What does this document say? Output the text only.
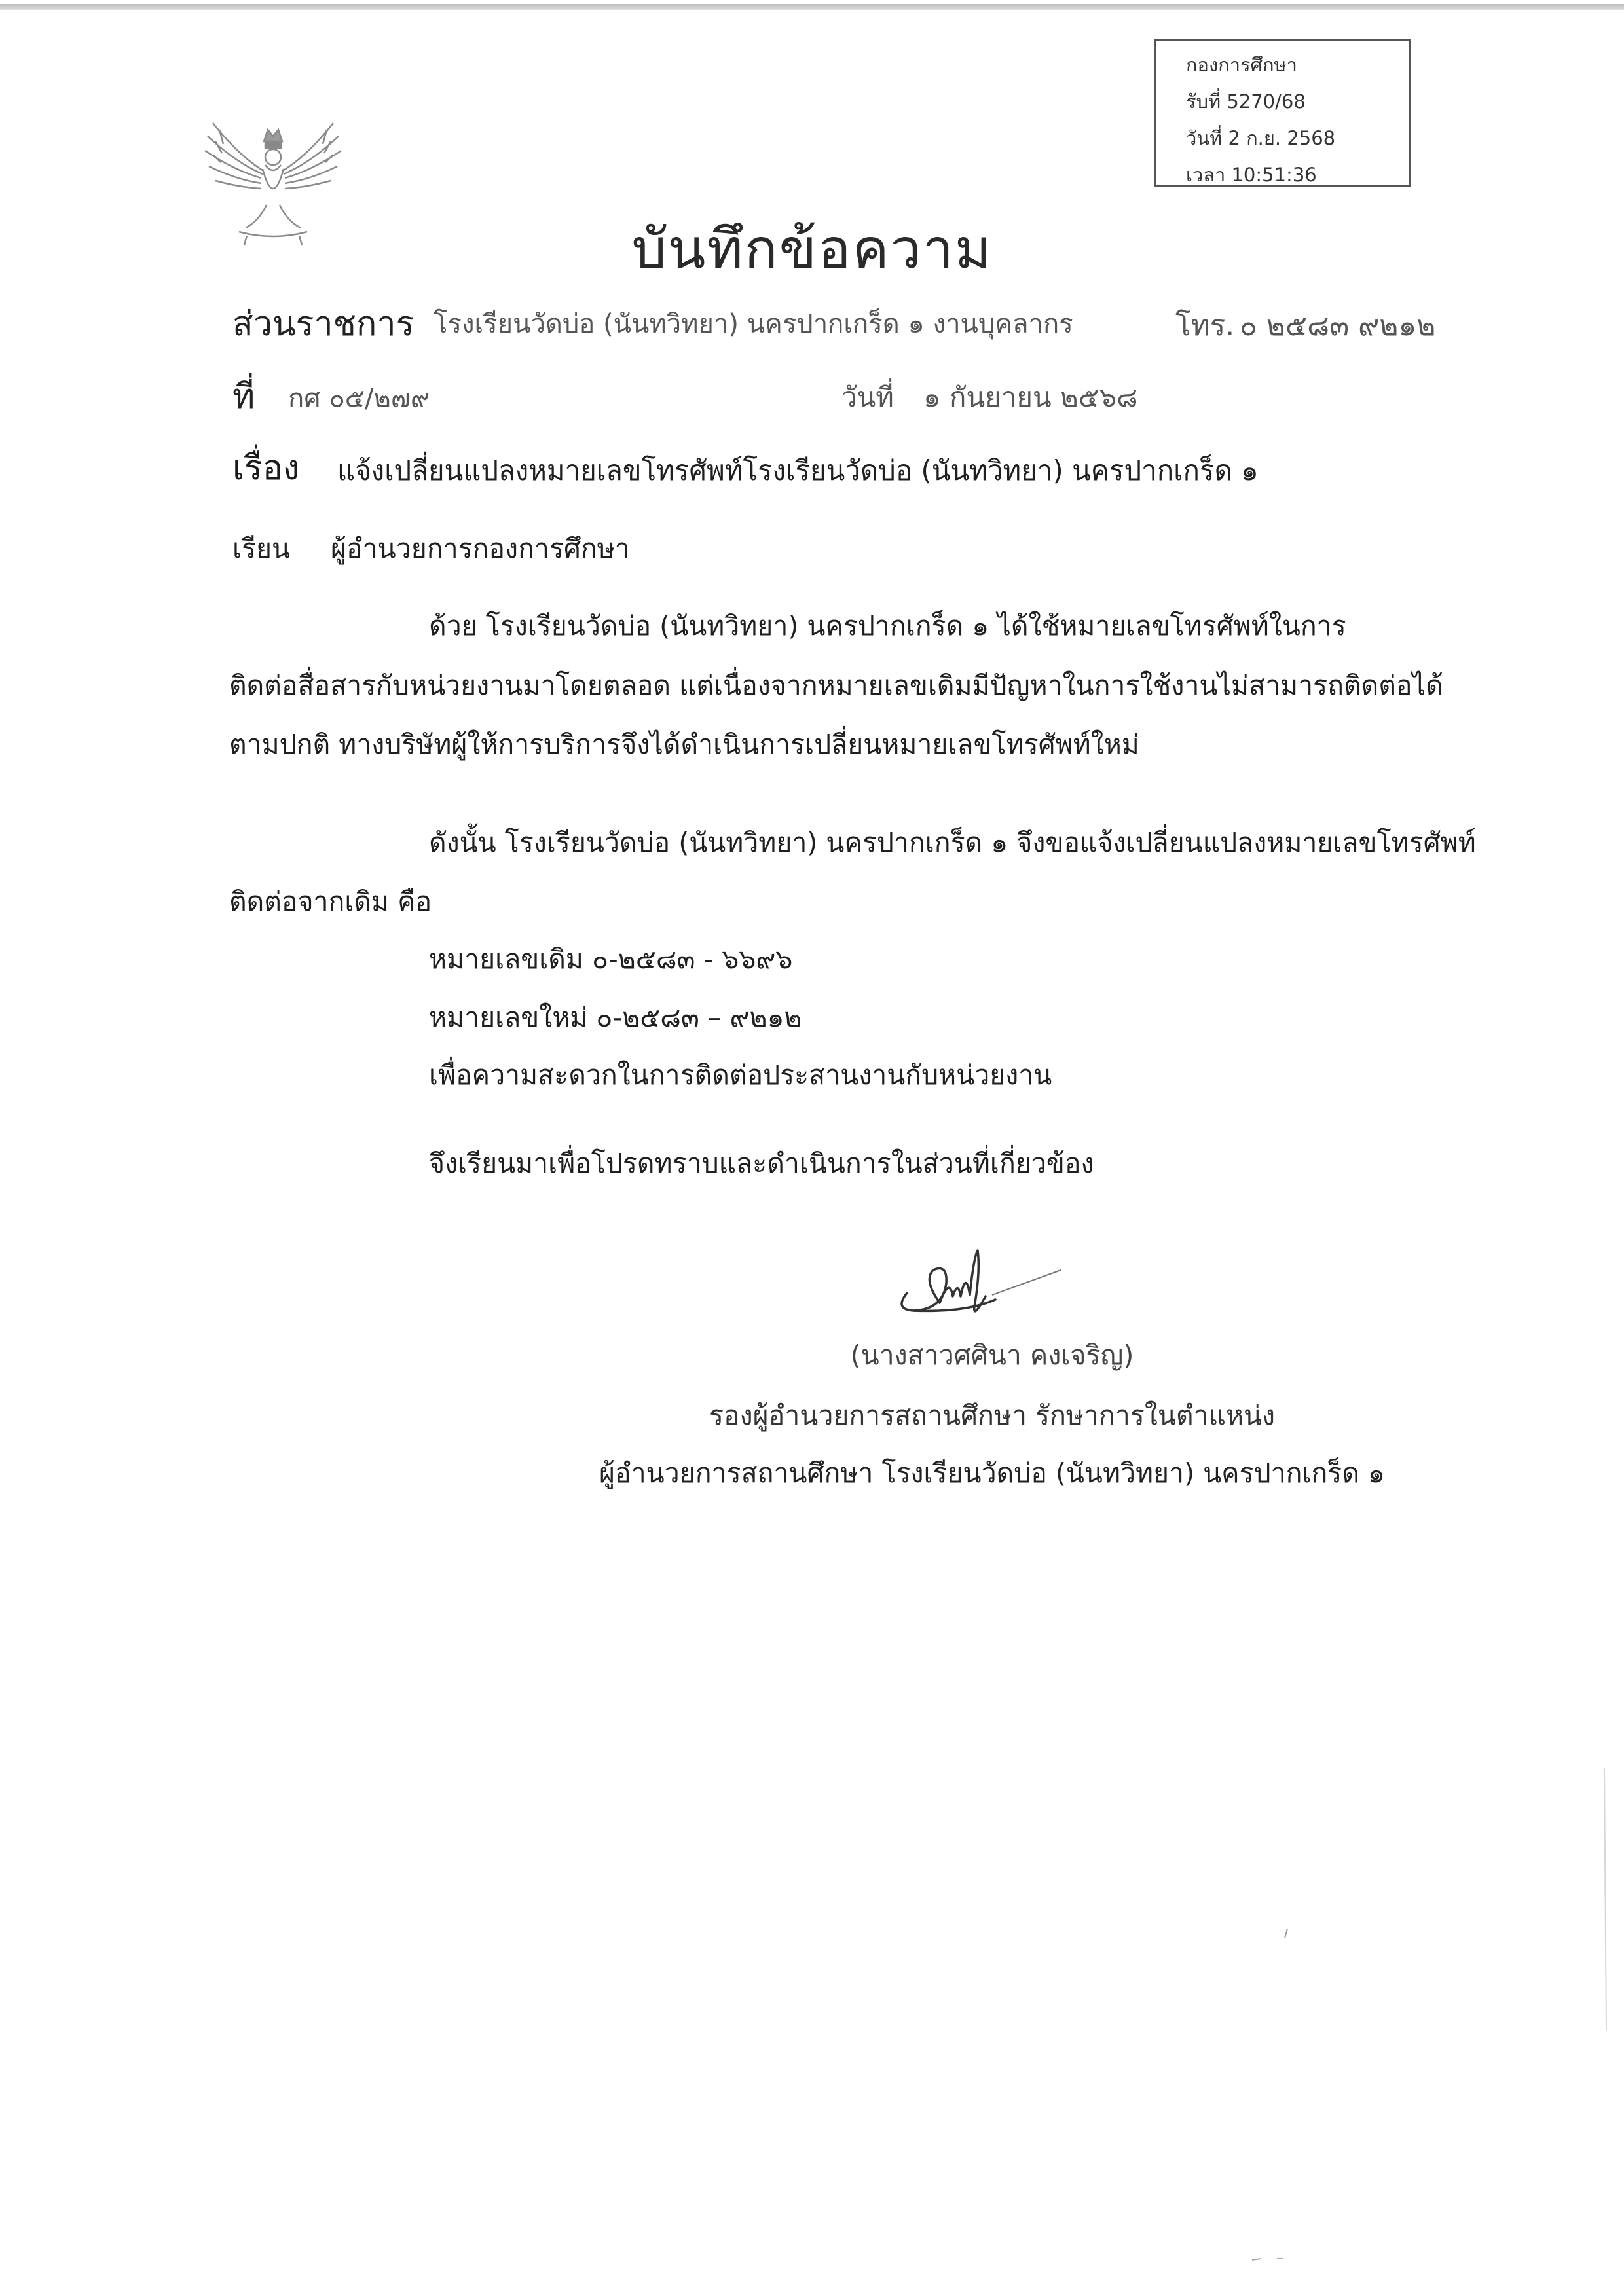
กองการศึกษา
รับที่ 5270/68
วันที่ 2 ก.ย. 2568
เวลา 10:51:36
บันทึกข้อความ
ส่วนราชการ โรงเรียนวัดบ่อ (นันทวิทยา) นครปากเกร็ด ๑ งานบุคลากร	โทร. ๐ ๒๕๘๓ ๙๒๑๒
ที่ กศ ๐๕/๒๗๙	วันที่ ๑ กันยายน ๒๕๖๘
เรื่อง แจ้งเปลี่ยนแปลงหมายเลขโทรศัพท์โรงเรียนวัดบ่อ (นันทวิทยา) นครปากเกร็ด ๑
เรียน ผู้อำนวยการกองการศึกษา
ด้วย โรงเรียนวัดบ่อ (นันทวิทยา) นครปากเกร็ด ๑ ได้ใช้หมายเลขโทรศัพท์ในการ
ติดต่อสื่อสารกับหน่วยงานมาโดยตลอด แต่เนื่องจากหมายเลขเดิมมีปัญหาในการใช้งานไม่สามารถติดต่อได้
ตามปกติ ทางบริษัทผู้ให้การบริการจึงได้ดำเนินการเปลี่ยนหมายเลขโทรศัพท์ใหม่
ดังนั้น โรงเรียนวัดบ่อ (นันทวิทยา) นครปากเกร็ด ๑ จึงขอแจ้งเปลี่ยนแปลงหมายเลขโทรศัพท์
ติดต่อจากเดิม คือ
หมายเลขเดิม ๐-๒๕๘๓ - ๖๖๙๖
หมายเลขใหม่ ๐-๒๕๘๓ – ๙๒๑๒
เพื่อความสะดวกในการติดต่อประสานงานกับหน่วยงาน
จึงเรียนมาเพื่อโปรดทราบและดำเนินการในส่วนที่เกี่ยวข้อง
(นางสาวศศินา คงเจริญ)
รองผู้อำนวยการสถานศึกษา รักษาการในตำแหน่ง
ผู้อำนวยการสถานศึกษา โรงเรียนวัดบ่อ (นันทวิทยา) นครปากเกร็ด ๑
